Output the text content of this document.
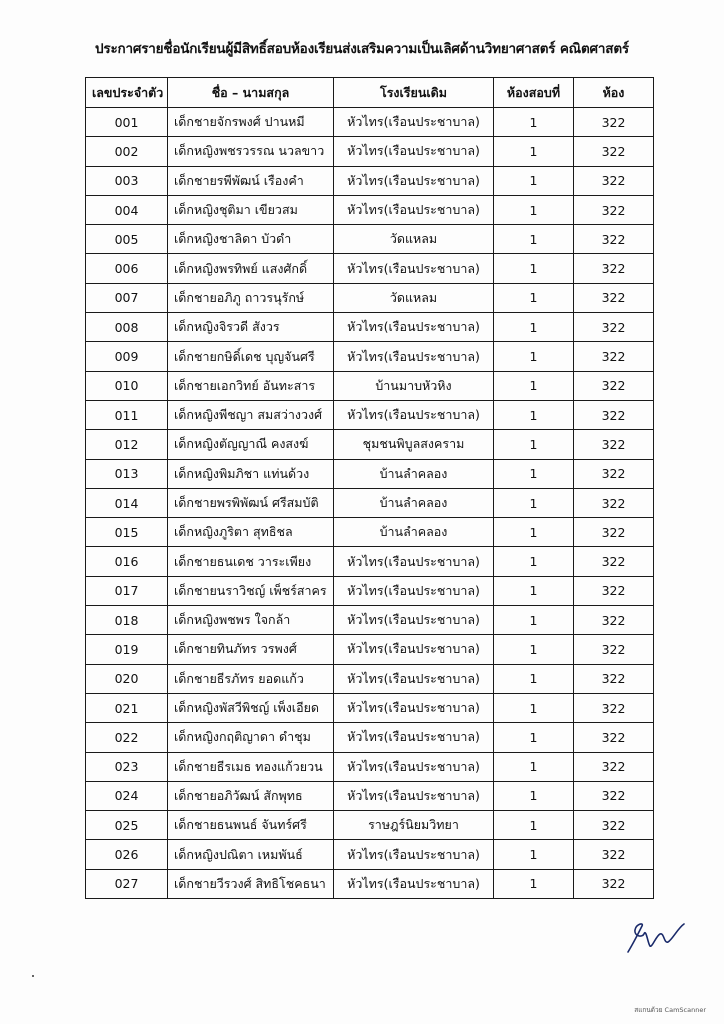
ประกาศรายชื่อนักเรียนผู้มีสิทธิ์สอบห้องเรียนส่งเสริมความเป็นเลิศด้านวิทยาศาสตร์ คณิตศาสตร์
เลขประจำตัว	ชื่อ – นามสกุล	โรงเรียนเดิม	ห้องสอบที่	ห้อง
001	เด็กชายจักรพงศ์ ปานหมี	หัวไทร(เรือนประชาบาล)	1	322
002	เด็กหญิงพชรวรรณ นวลขาว	หัวไทร(เรือนประชาบาล)	1	322
003	เด็กชายรพีพัฒน์ เรืองคำ	หัวไทร(เรือนประชาบาล)	1	322
004	เด็กหญิงชุติมา เขียวสม	หัวไทร(เรือนประชาบาล)	1	322
005	เด็กหญิงชาลิดา บัวดำ	วัดแหลม	1	322
006	เด็กหญิงพรทิพย์ แสงศักดิ์	หัวไทร(เรือนประชาบาล)	1	322
007	เด็กชายอภิภู ถาวรนุรักษ์	วัดแหลม	1	322
008	เด็กหญิงจิรวดี สังวร	หัวไทร(เรือนประชาบาล)	1	322
009	เด็กชายกษิดิ์เดช บุญจันศรี	หัวไทร(เรือนประชาบาล)	1	322
010	เด็กชายเอกวิทย์ อันทะสาร	บ้านมาบหัวหิง	1	322
011	เด็กหญิงพีชญา สมสว่างวงศ์	หัวไทร(เรือนประชาบาล)	1	322
012	เด็กหญิงตัญญาณี คงสงฆ์	ชุมชนพิบูลสงคราม	1	322
013	เด็กหญิงพิมภิชา แท่นด้วง	บ้านลำคลอง	1	322
014	เด็กชายพรพิพัฒน์ ศรีสมบัติ	บ้านลำคลอง	1	322
015	เด็กหญิงภูริตา สุทธิชล	บ้านลำคลอง	1	322
016	เด็กชายธนเดช วาระเพียง	หัวไทร(เรือนประชาบาล)	1	322
017	เด็กชายนราวิชญ์ เพ็ชร์สาคร	หัวไทร(เรือนประชาบาล)	1	322
018	เด็กหญิงพชพร ใจกล้า	หัวไทร(เรือนประชาบาล)	1	322
019	เด็กชายทินภัทร วรพงศ์	หัวไทร(เรือนประชาบาล)	1	322
020	เด็กชายธีรภัทร ยอดแก้ว	หัวไทร(เรือนประชาบาล)	1	322
021	เด็กหญิงพัสวีพิชญ์ เพ็งเอียด	หัวไทร(เรือนประชาบาล)	1	322
022	เด็กหญิงกฤติญาดา ดำชุม	หัวไทร(เรือนประชาบาล)	1	322
023	เด็กชายธีรเมธ ทองแก้วยวน	หัวไทร(เรือนประชาบาล)	1	322
024	เด็กชายอภิวัฒน์ สักพุทธ	หัวไทร(เรือนประชาบาล)	1	322
025	เด็กชายธนพนธ์ จันทร์ศรี	ราษฎร์นิยมวิทยา	1	322
026	เด็กหญิงปณิตา เหมพันธ์	หัวไทร(เรือนประชาบาล)	1	322
027	เด็กชายวีรวงศ์ สิทธิโชคธนา	หัวไทร(เรือนประชาบาล)	1	322
สแกนด้วย CamScanner
